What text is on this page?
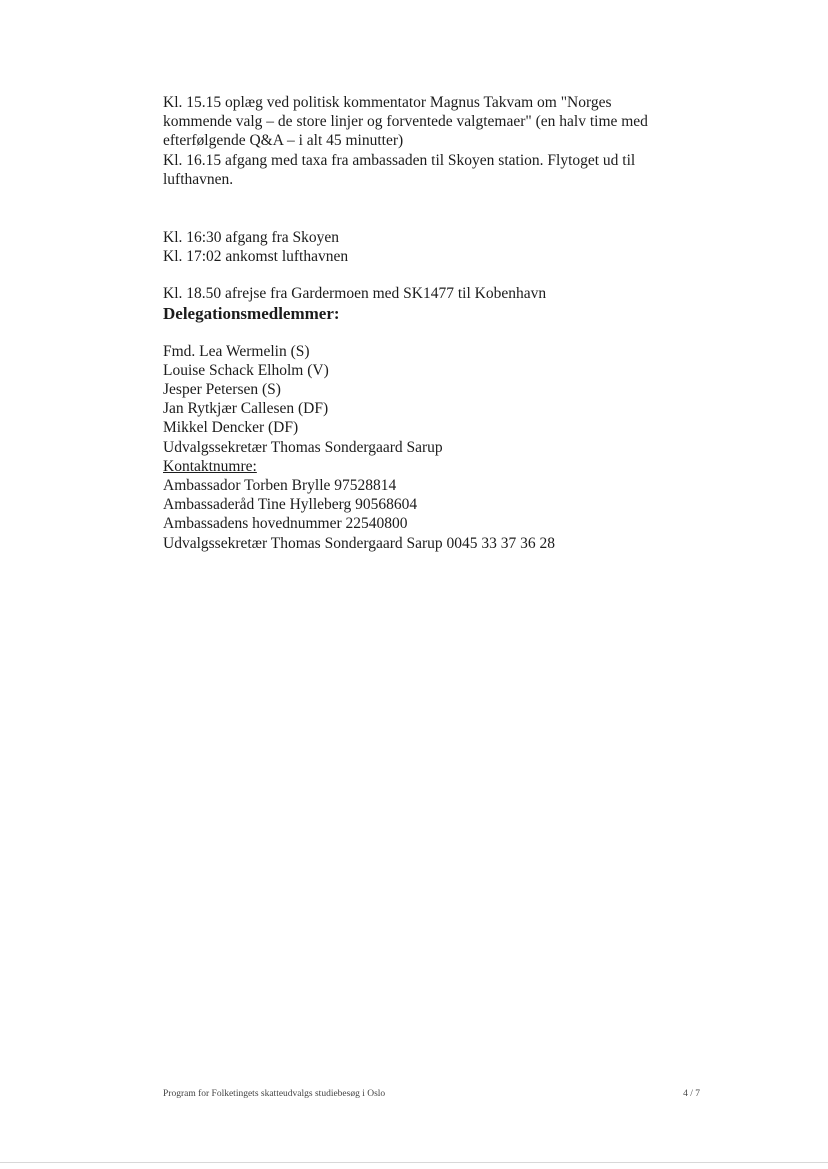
Kl. 15.15 oplæg ved politisk kommentator Magnus Takvam om "Norges kommende valg – de store linjer og forventede valgtemaer" (en halv time med efterfølgende Q&A – i alt 45 minutter)

Kl. 16.15 afgang med taxa fra ambassaden til Skoyen station. Flytoget ud til lufthavnen.

Kl. 16:30 afgang fra Skoyen

Kl. 17:02 ankomst lufthavnen

Kl. 18.50 afrejse fra Gardermoen med SK1477 til Kobenhavn

Delegationsmedlemmer:

Fmd. Lea Wermelin (S)

Louise Schack Elholm (V)

Jesper Petersen (S)

Jan Rytkjær Callesen (DF)

Mikkel Dencker (DF)

Udvalgssekretær Thomas Sondergaard Sarup

Kontaktnumre:

Ambassador Torben Brylle 97528814

Ambassaderåd Tine Hylleberg 90568604

Ambassadens hovednummer 22540800

Udvalgssekretær Thomas Sondergaard Sarup 0045 33 37 36 28

Program for Folketingets skatteudvalgs studiebesøg i Oslo	4 / 7
